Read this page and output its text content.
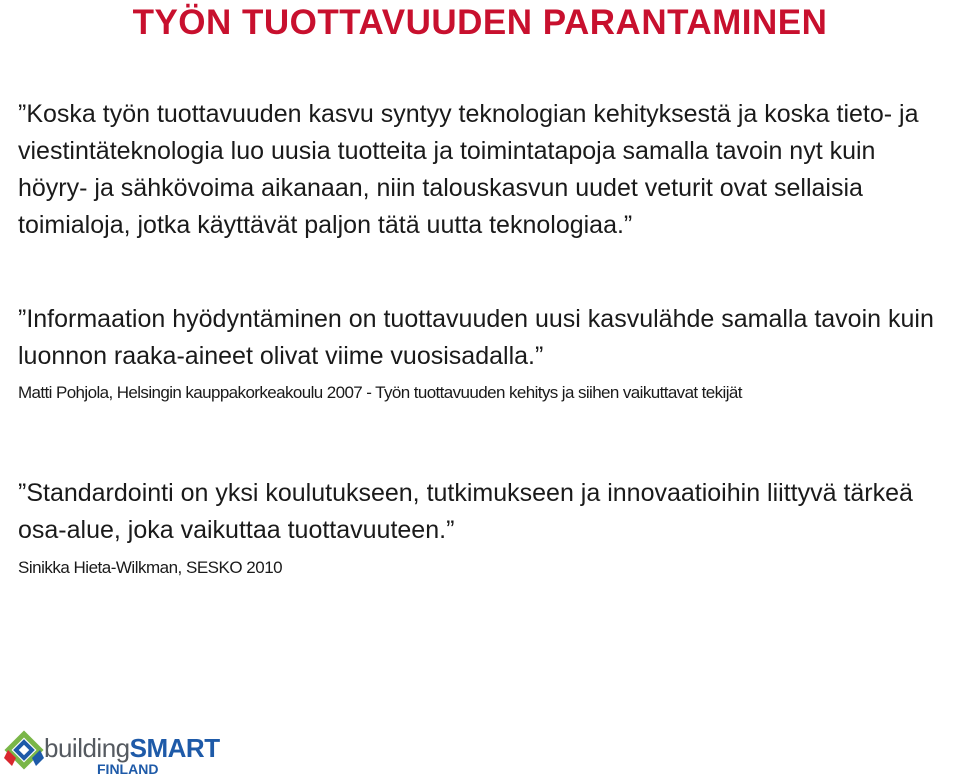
TYÖN TUOTTAVUUDEN PARANTAMINEN

”Koska työn tuottavuuden kasvu syntyy teknologian kehityksestä ja koska tieto- ja viestintäteknologia luo uusia tuotteita ja toimintatapoja samalla tavoin nyt kuin höyry- ja sähkövoima aikanaan, niin talouskasvun uudet veturit ovat sellaisia toimialoja, jotka käyttävät paljon tätä uutta teknologiaa.”

”Informaation hyödyntäminen on tuottavuuden uusi kasvulähde samalla tavoin kuin luonnon raaka-aineet olivat viime vuosisadalla.”

Matti Pohjola, Helsingin kauppakorkeakoulu 2007 - Työn tuottavuuden kehitys ja siihen vaikuttavat tekijät

”Standardointi on yksi koulutukseen, tutkimukseen ja innovaatioihin liittyvä tärkeä osa-alue, joka vaikuttaa tuottavuuteen.”

Sinikka Hieta-Wilkman, SESKO 2010

buildingSMART
FINLAND
